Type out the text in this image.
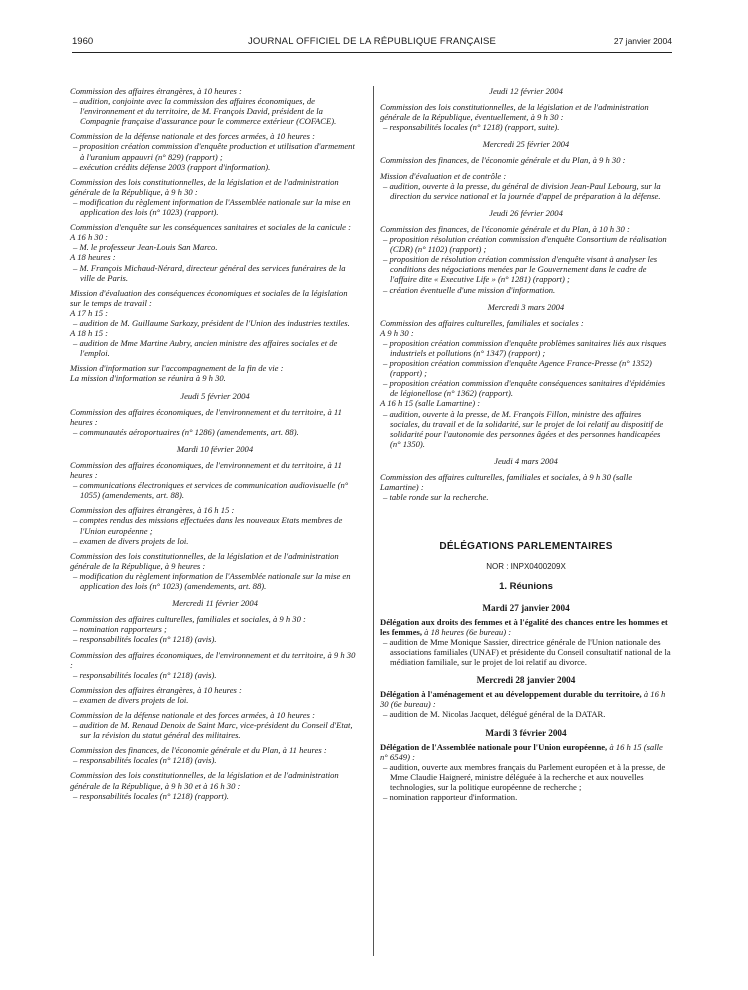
1960	JOURNAL OFFICIEL DE LA RÉPUBLIQUE FRANÇAISE	27 janvier 2004

Commission des affaires étrangères, à 10 heures :

– audition, conjointe avec la commission des affaires économiques, de l'environnement et du territoire, de M. François David, président de la Compagnie française d'assurance pour le commerce extérieur (COFACE).

Commission de la défense nationale et des forces armées, à 10 heures :

– proposition création commission d'enquête production et utilisation d'armement à l'uranium appauvri (n° 829) (rapport) ;

– exécution crédits défense 2003 (rapport d'information).

Commission des lois constitutionnelles, de la législation et de l'administration générale de la République, à 9 h 30 :

– modification du règlement information de l'Assemblée nationale sur la mise en application des lois (n° 1023) (rapport).

Commission d'enquête sur les conséquences sanitaires et sociales de la canicule :

A 16 h 30 :

– M. le professeur Jean-Louis San Marco.

A 18 heures :

– M. François Michaud-Nérard, directeur général des services funéraires de la ville de Paris.

Mission d'évaluation des conséquences économiques et sociales de la législation sur le temps de travail :

A 17 h 15 :

– audition de M. Guillaume Sarkozy, président de l'Union des industries textiles.

A 18 h 15 :

– audition de Mme Martine Aubry, ancien ministre des affaires sociales et de l'emploi.

Mission d'information sur l'accompagnement de la fin de vie :

La mission d'information se réunira à 9 h 30.

Jeudi 5 février 2004

Commission des affaires économiques, de l'environnement et du territoire, à 11 heures :

– communautés aéroportuaires (n° 1286) (amendements, art. 88).

Mardi 10 février 2004

Commission des affaires économiques, de l'environnement et du territoire, à 11 heures :

– communications électroniques et services de communication audiovisuelle (n° 1055) (amendements, art. 88).

Commission des affaires étrangères, à 16 h 15 :

– comptes rendus des missions effectuées dans les nouveaux Etats membres de l'Union européenne ;

– examen de divers projets de loi.

Commission des lois constitutionnelles, de la législation et de l'administration générale de la République, à 9 heures :

– modification du règlement information de l'Assemblée nationale sur la mise en application des lois (n° 1023) (amendements, art. 88).

Mercredi 11 février 2004

Commission des affaires culturelles, familiales et sociales, à 9 h 30 :

– nomination rapporteurs ;

– responsabilités locales (n° 1218) (avis).

Commission des affaires économiques, de l'environnement et du territoire, à 9 h 30 :

– responsabilités locales (n° 1218) (avis).

Commission des affaires étrangères, à 10 heures :

– examen de divers projets de loi.

Commission de la défense nationale et des forces armées, à 10 heures :

– audition de M. Renaud Denoix de Saint Marc, vice-président du Conseil d'Etat, sur la révision du statut général des militaires.

Commission des finances, de l'économie générale et du Plan, à 11 heures :

– responsabilités locales (n° 1218) (avis).

Commission des lois constitutionnelles, de la législation et de l'administration générale de la République, à 9 h 30 et à 16 h 30 :

– responsabilités locales (n° 1218) (rapport).

Jeudi 12 février 2004

Commission des lois constitutionnelles, de la législation et de l'administration générale de la République, éventuellement, à 9 h 30 :

– responsabilités locales (n° 1218) (rapport, suite).

Mercredi 25 février 2004

Commission des finances, de l'économie générale et du Plan, à 9 h 30 :

Mission d'évaluation et de contrôle :

– audition, ouverte à la presse, du général de division Jean-Paul Lebourg, sur la direction du service national et la journée d'appel de préparation à la défense.

Jeudi 26 février 2004

Commission des finances, de l'économie générale et du Plan, à 10 h 30 :

– proposition résolution création commission d'enquête Consortium de réalisation (CDR) (n° 1102) (rapport) ;

– proposition de résolution création commission d'enquête visant à analyser les conditions des négociations menées par le Gouvernement dans le cadre de l'affaire dite « Executive Life » (n° 1281) (rapport) ;

– création éventuelle d'une mission d'information.

Mercredi 3 mars 2004

Commission des affaires culturelles, familiales et sociales :

A 9 h 30 :

– proposition création commission d'enquête problèmes sanitaires liés aux risques industriels et pollutions (n° 1347) (rapport) ;

– proposition création commission d'enquête Agence France-Presse (n° 1352) (rapport) ;

– proposition création commission d'enquête conséquences sanitaires d'épidémies de légionellose (n° 1362) (rapport).

A 16 h 15 (salle Lamartine) :

– audition, ouverte à la presse, de M. François Fillon, ministre des affaires sociales, du travail et de la solidarité, sur le projet de loi relatif au dispositif de solidarité pour l'autonomie des personnes âgées et des personnes handicapées (n° 1350).

Jeudi 4 mars 2004

Commission des affaires culturelles, familiales et sociales, à 9 h 30 (salle Lamartine) :

– table ronde sur la recherche.

DÉLÉGATIONS PARLEMENTAIRES

NOR : INPX0400209X

1. Réunions

Mardi 27 janvier 2004

Délégation aux droits des femmes et à l'égalité des chances entre les hommes et les femmes, à 18 heures (6e bureau) :

– audition de Mme Monique Sassier, directrice générale de l'Union nationale des associations familiales (UNAF) et présidente du Conseil consultatif national de la médiation familiale, sur le projet de loi relatif au divorce.

Mercredi 28 janvier 2004

Délégation à l'aménagement et au développement durable du territoire, à 16 h 30 (6e bureau) :

– audition de M. Nicolas Jacquet, délégué général de la DATAR.

Mardi 3 février 2004

Délégation de l'Assemblée nationale pour l'Union européenne, à 16 h 15 (salle n° 6549) :

– audition, ouverte aux membres français du Parlement européen et à la presse, de Mme Claudie Haigneré, ministre déléguée à la recherche et aux nouvelles technologies, sur la politique européenne de recherche ;

– nomination rapporteur d'information.
